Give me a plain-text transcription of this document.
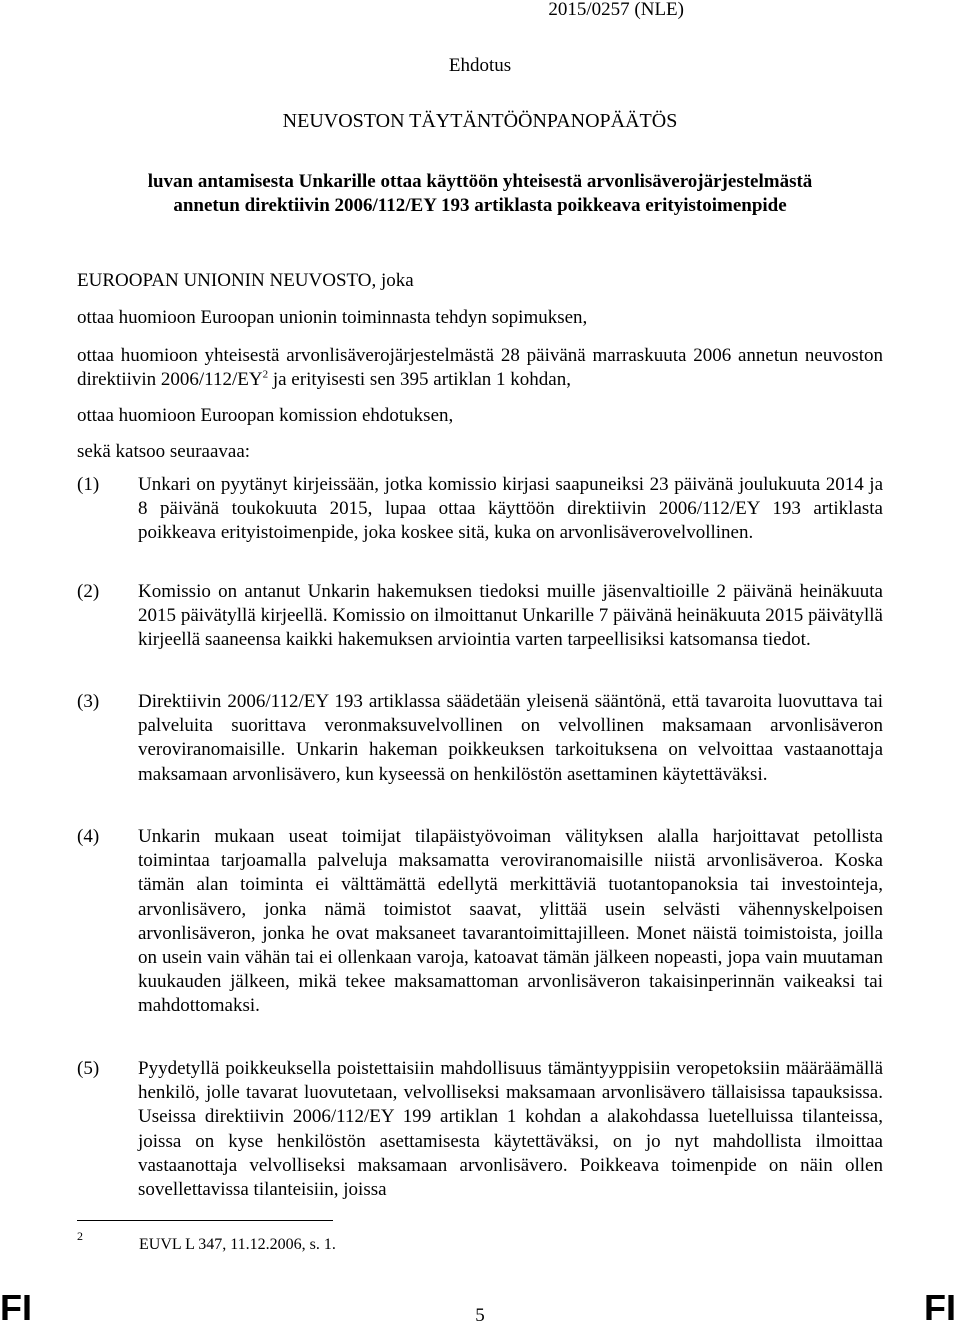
2015/0257 (NLE)
Ehdotus
NEUVOSTON TÄYTÄNTÖÖNPANOPÄÄTÖS
luvan antamisesta Unkarille ottaa käyttöön yhteisestä arvonlisäverojärjestelmästä
annetun direktiivin 2006/112/EY 193 artiklasta poikkeava erityistoimenpide
EUROOPAN UNIONIN NEUVOSTO, joka
ottaa huomioon Euroopan unionin toiminnasta tehdyn sopimuksen,
ottaa huomioon yhteisestä arvonlisäverojärjestelmästä 28 päivänä marraskuuta 2006 annetun neuvoston direktiivin $2006/112/EY^2$ ja erityisesti sen 395 artiklan 1 kohdan,
ottaa huomioon Euroopan komission ehdotuksen,
sekä katsoo seuraavaa:
(1) Unkari on pyytänyt kirjeissään, jotka komissio kirjasi saapuneiksi 23 päivänä joulukuuta 2014 ja 8 päivänä toukokuuta 2015, lupaa ottaa käyttöön direktiivin 2006/112/EY 193 artiklasta poikkeava erityistoimenpide, joka koskee sitä, kuka on arvonlisäverovelvollinen.
(2) Komissio on antanut Unkarin hakemuksen tiedoksi muille jäsenvaltioille 2 päivänä heinäkuuta 2015 päivätyllä kirjeellä. Komissio on ilmoittanut Unkarille 7 päivänä heinäkuuta 2015 päivätyllä kirjeellä saaneensa kaikki hakemuksen arviointia varten tarpeellisiksi katsomansa tiedot.
(3) Direktiivin 2006/112/EY 193 artiklassa säädetään yleisenä sääntönä, että tavaroita luovuttava tai palveluita suorittava veronmaksuvelvollinen on velvollinen maksamaan arvonlisäveron veroviranomaisille. Unkarin hakeman poikkeuksen tarkoituksena on velvoittaa vastaanottaja maksamaan arvonlisävero, kun kyseessä on henkilöstön asettaminen käytettäväksi.
(4) Unkarin mukaan useat toimijat tilapäistyövoiman välityksen alalla harjoittavat petollista toimintaa tarjoamalla palveluja maksamatta veroviranomaisille niistä arvonlisäveroa. Koska tämän alan toiminta ei välttämättä edellytä merkittäviä tuotantopanoksia tai investointeja, arvonlisävero, jonka nämä toimistot saavat, ylittää usein selvästi vähennyskelpoisen arvonlisäveron, jonka he ovat maksaneet tavarantoimittajilleen. Monet näistä toimistoista, joilla on usein vain vähän tai ei ollenkaan varoja, katoavat tämän jälkeen nopeasti, jopa vain muutaman kuukauden jälkeen, mikä tekee maksamattoman arvonlisäveron takaisinperinnän vaikeaksi tai mahdottomaksi.
(5) Pyydetyllä poikkeuksella poistettaisiin mahdollisuus tämäntyyppisiin veropetoksiin määräämällä henkilö, jolle tavarat luovutetaan, velvolliseksi maksamaan arvonlisävero tällaisissa tapauksissa. Useissa direktiivin 2006/112/EY 199 artiklan 1 kohdan a alakohdassa luetelluissa tilanteissa, joissa on kyse henkilöstön asettamisesta käytettäväksi, on jo nyt mahdollista ilmoittaa vastaanottaja velvolliseksi maksamaan arvonlisävero. Poikkeava toimenpide on näin ollen sovellettavissa tilanteisiin, joissa
2	EUVL L 347, 11.12.2006, s. 1.
FI	5	FI
